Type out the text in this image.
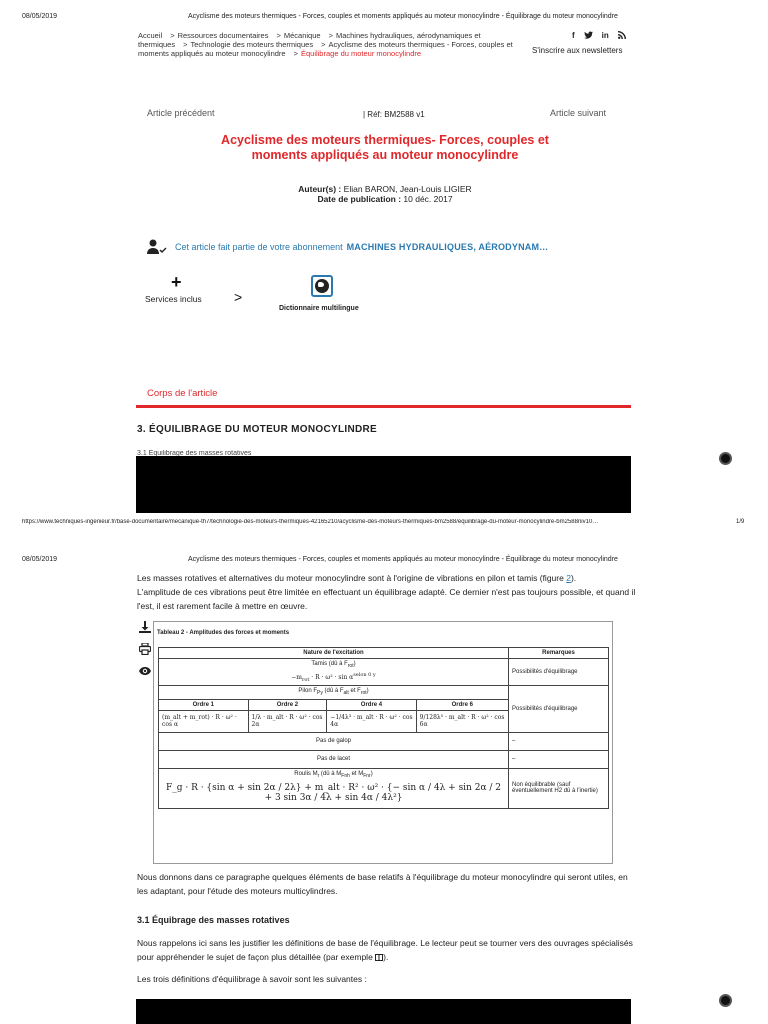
08/05/2019	Acyclisme des moteurs thermiques - Forces, couples et moments appliqués au moteur monocylindre - Équilibrage du moteur monocylindre
Accueil > Ressources documentaires > Mécanique > Machines hydrauliques, aérodynamiques et thermiques > Technologie des moteurs thermiques > Acyclisme des moteurs thermiques - Forces, couples et moments appliqués au moteur monocylindre > Équilibrage du moteur monocylindre
f	in
S'inscrire aux newsletters
Article précédent	| Réf: BM2588 v1	Article suivant
Acyclisme des moteurs thermiques- Forces, couples et moments appliqués au moteur monocylindre
Auteur(s) : Elian BARON, Jean-Louis LIGIER
Date de publication : 10 déc. 2017
Cet article fait partie de votre abonnement MACHINES HYDRAULIQUES, AÉRODYNAM…
+
Services inclus >
Dictionnaire multilingue
Corps de l'article
3. ÉQUILIBRAGE DU MOTEUR MONOCYLINDRE
3.1 Équilibrage des masses rotatives
https://www.techniques-ingenieur.fr/base-documentaire/mecanique-th7/technologie-des-moteurs-thermiques-42165210/acyclisme-des-moteurs-thermiques-bm2588/equilibrage-du-moteur-monocylindre-bm2588niv10…	1/9
08/05/2019	Acyclisme des moteurs thermiques - Forces, couples et moments appliqués au moteur monocylindre - Équilibrage du moteur monocylindre
Les masses rotatives et alternatives du moteur monocylindre sont à l'origine de vibrations en pilon et tamis (figure 2).
L'amplitude de ces vibrations peut être limitée en effectuant un équilibrage adapté. Ce dernier n'est pas toujours possible, et quand il l'est, il est rarement facile à mettre en œuvre.
Tableau 2 - Amplitudes des forces et moments
Nature de l'excitation				Remarques

Tamis (dû à $F_{rot}$)
$-m_{rot} \cdot R \cdot \omega^2 \cdot \sin \alpha^{selon 0 y}$				Possibilités d'équilibrage
Pilon $F_{Py}$ (dû à $F_{alt}$ et $F_{rot}$)				Possibilités d'équilibrage
Ordre 1	Ordre 2	Ordre 4	Ordre 6	
(m_alt + m_rot) · R · ω² · cos α	1/λ · m_alt · R · ω² · cos 2α	−1/4λ³ · m_alt · R · ω² · cos 4α	9/128λ⁵ · m_alt · R · ω² · cos 6α	
Pas de galop				–
Pas de lacet				–

Roulis $M_r$ (dû à $M_{Fnh}$ et $M_{Fnr}$)
F_g · R · {sin α + sin 2α / 2λ} + m_alt · R² · ω² · {− sin α / 4λ + sin 2α / 2 + 3 sin 3α / 4λ + sin 4α / 4λ²}				Non équilibrable (sauf éventuellement H2 dû à l'inertie)
Nous donnons dans ce paragraphe quelques éléments de base relatifs à l'équilibrage du moteur monocylindre qui seront utiles, en les adaptant, pour l'étude des moteurs multicylindres.
3.1 Équibrage des masses rotatives
Nous rappelons ici sans les justifier les définitions de base de l'équilibrage. Le lecteur peut se tourner vers des ouvrages spécialisés pour appréhender le sujet de façon plus détaillée (par exemple ).
Les trois définitions d'équilibrage à savoir sont les suivantes :
